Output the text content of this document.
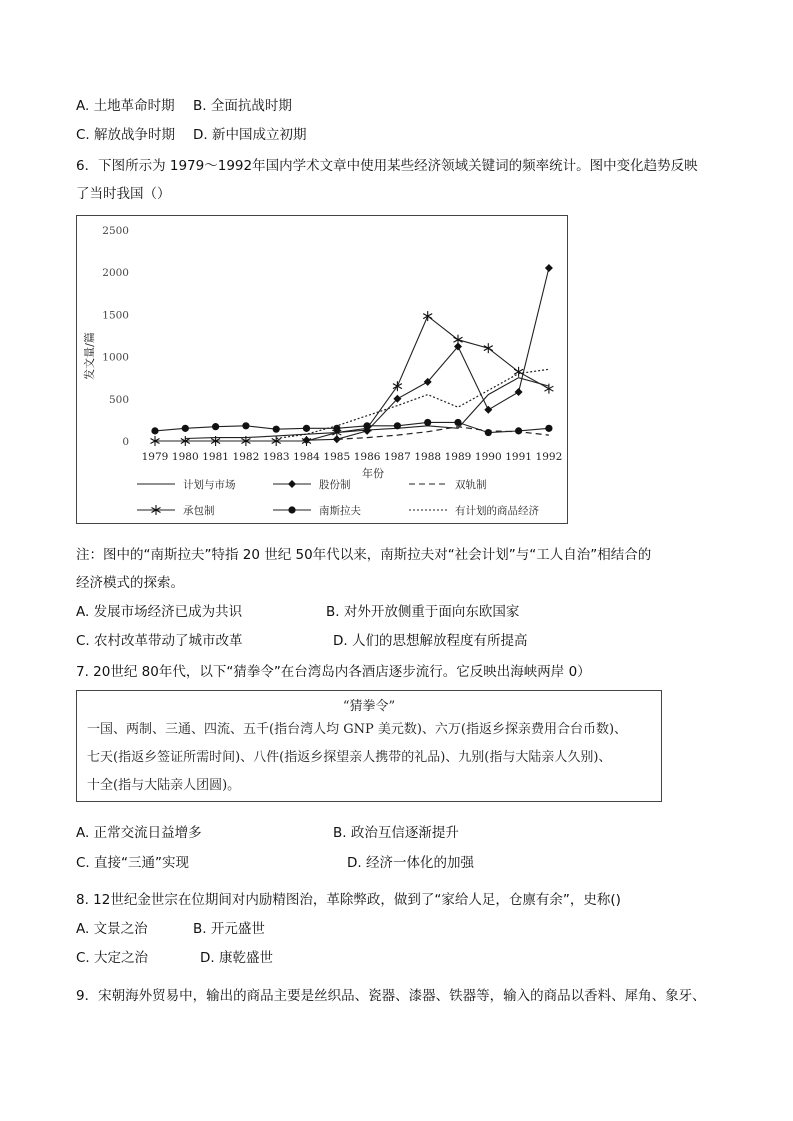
A. 土地革命时期 B. 全面抗战时期
C. 解放战争时期 D. 新中国成立初期
6．下图所示为 1979～1992年国内学术文章中使用某些经济领域关键词的频率统计。图中变化趋势反映
了当时我国（）
0
500
1000
1500
2000
2500
1979 1980 1981 1982 1983 1984 1985 1986 1987 1988 1989 1990 1991 1992
计划与市场	股份制	双轨制
承包制	南斯拉夫	有计划的商品经济
发文量/篇
年份
注：图中的“南斯拉夫”特指 20 世纪 50年代以来，南斯拉夫对“社会计划”与“工人自治”相结合的
经济模式的探索。
A. 发展市场经济已成为共识	B. 对外开放侧重于面向东欧国家
C. 农村改革带动了城市改革	D. 人们的思想解放程度有所提高
7. 20世纪 80年代，以下“猜拳令”在台湾岛内各酒店逐步流行。它反映出海峡两岸 0）
“猜拳令”
一国、两制、三通、四流、五千(指台湾人均 GNP 美元数)、六万(指返乡探亲费用合台币数)、
七天(指返乡签证所需时间)、八件(指返乡探望亲人携带的礼品)、九别(指与大陆亲人久别)、
十全(指与大陆亲人团圆)。
A. 正常交流日益增多	B. 政治互信逐渐提升
C. 直接“三通”实现	D. 经济一体化的加强
8. 12世纪金世宗在位期间对内励精图治，革除弊政，做到了“家给人足，仓廪有余”，史称()
A. 文景之治	B. 开元盛世
C. 大定之治	D. 康乾盛世
9．宋朝海外贸易中，输出的商品主要是丝织品、瓷器、漆器、铁器等，输入的商品以香料、犀角、象牙、
